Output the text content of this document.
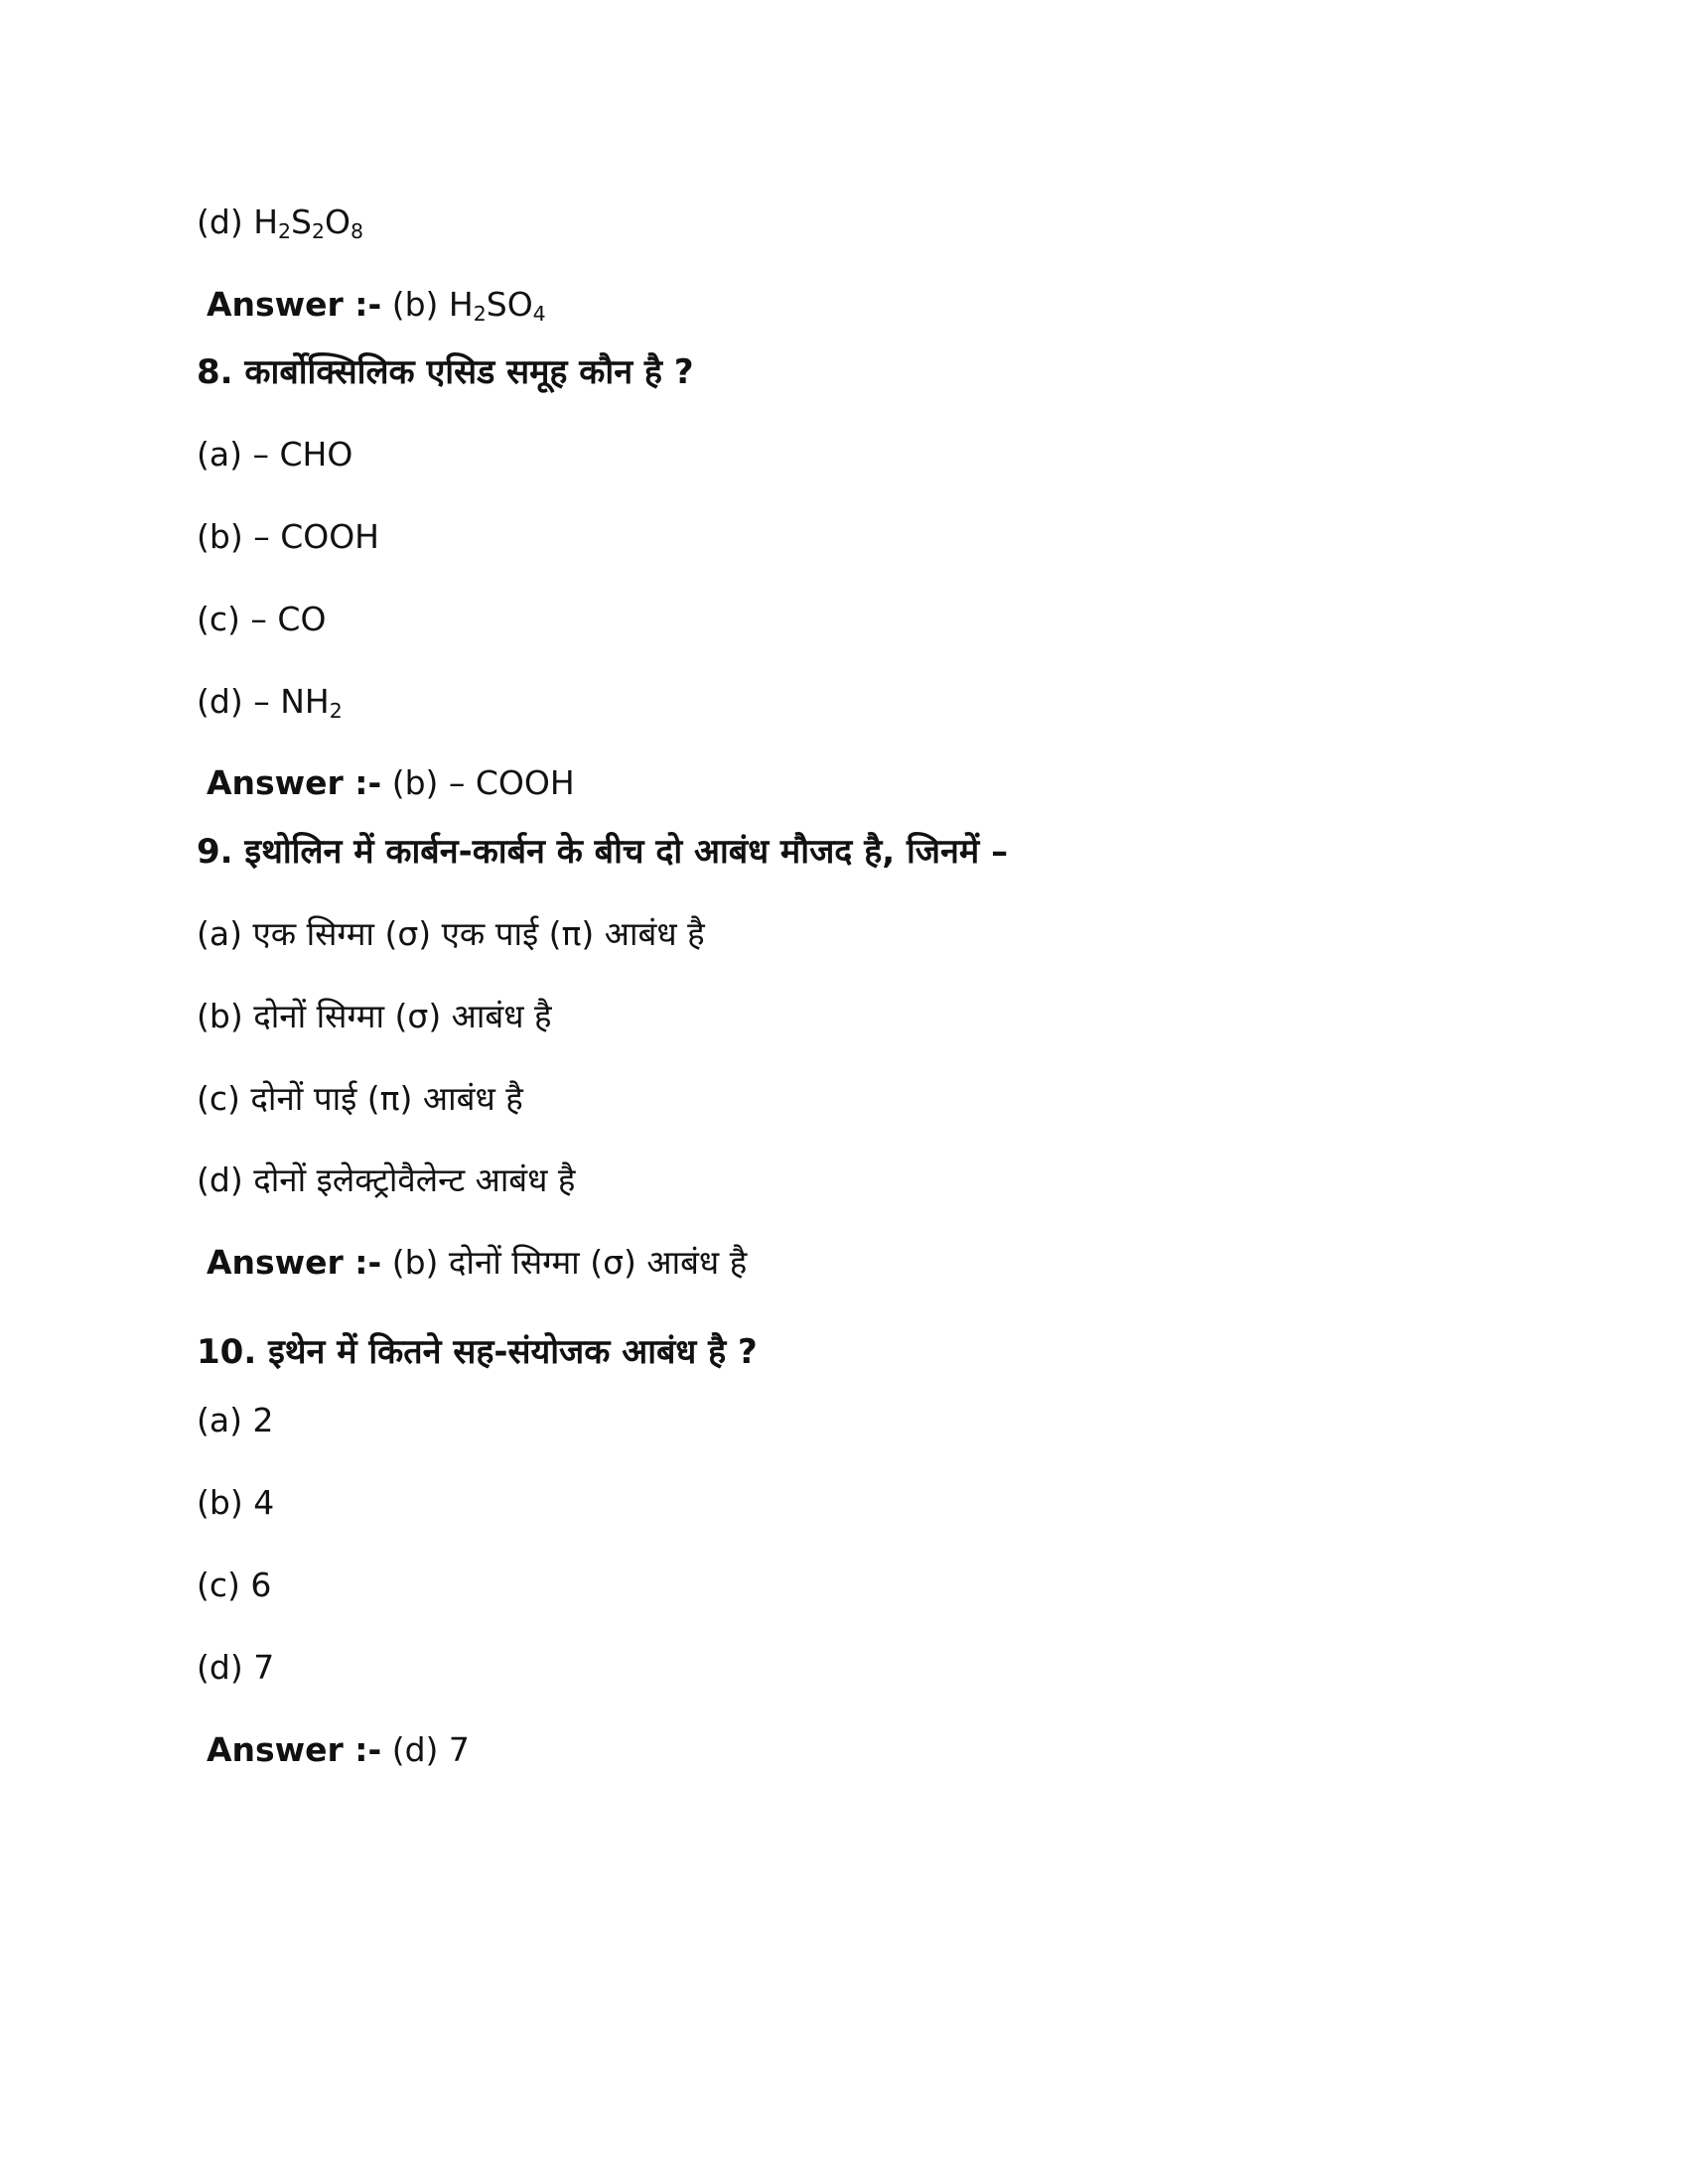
(d) $H_2S_2O_8$
Answer :- (b) $H_2SO_4$
8. कार्बोक्सिलिक एसिड समूह कौन है ?
(a) – CHO
(b) – COOH
(c) – CO
$(d) - NH_2$
Answer :- (b) – COOH
9. इथोलिन में कार्बन-कार्बन के बीच दो आबंध मौजद है, जिनमें –
(a) एक सिग्मा (σ) एक पाई (π) आबंध है
(b) दोनों सिग्मा (σ) आबंध है
(c) दोनों पाई (π) आबंध है
(d) दोनों इलेक्ट्रोवैलेन्ट आबंध है
Answer :- (b) दोनों सिग्मा (σ) आबंध है
10. इथेन में कितने सह-संयोजक आबंध है ?
(a) 2
(b) 4
(c) 6
(d) 7
Answer :- (d) 7
